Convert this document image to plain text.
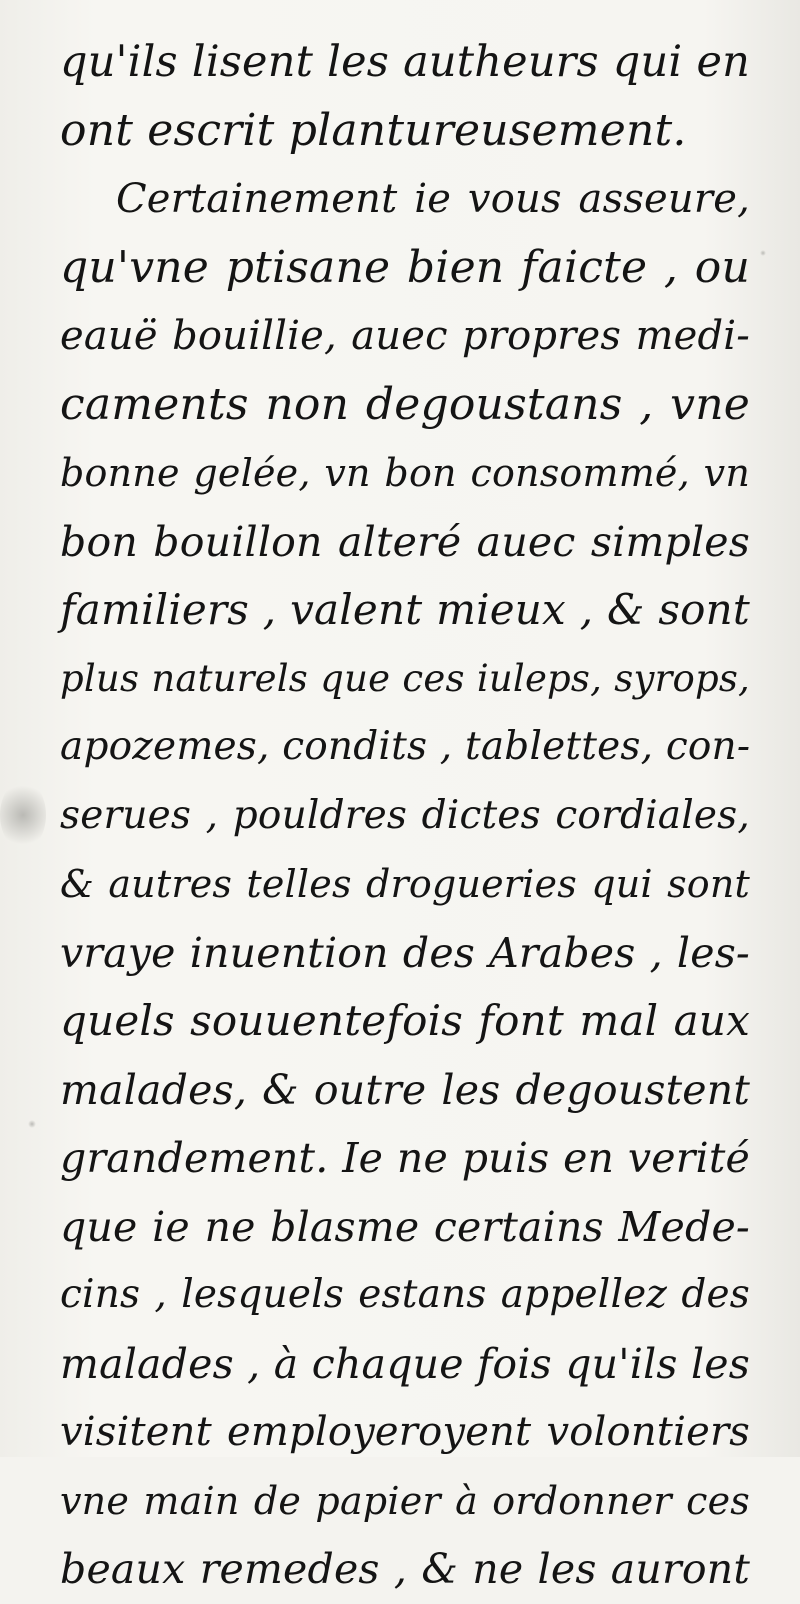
qu'ils lisent les autheurs qui en
ont escrit plantureusement.
Certainement ie vous asseure,
qu'vne ptisane bien faicte , ou
eauë bouillie, auec propres medi-
caments non degoustans , vne
bonne gelée, vn bon consommé, vn
bon bouillon alteré auec simples
familiers , valent mieux , & sont
plus naturels que ces iuleps, syrops,
apozemes, condits , tablettes, con-
serues , pouldres dictes cordiales,
& autres telles drogueries qui sont
vraye inuention des Arabes , les-
quels souuentefois font mal aux
malades, & outre les degoustent
grandement. Ie ne puis en verité
que ie ne blasme certains Mede-
cins , lesquels estans appellez des
malades , à chaque fois qu'ils les
visitent employeroyent volontiers
vne main de papier à ordonner ces
beaux remedes , & ne les auront
